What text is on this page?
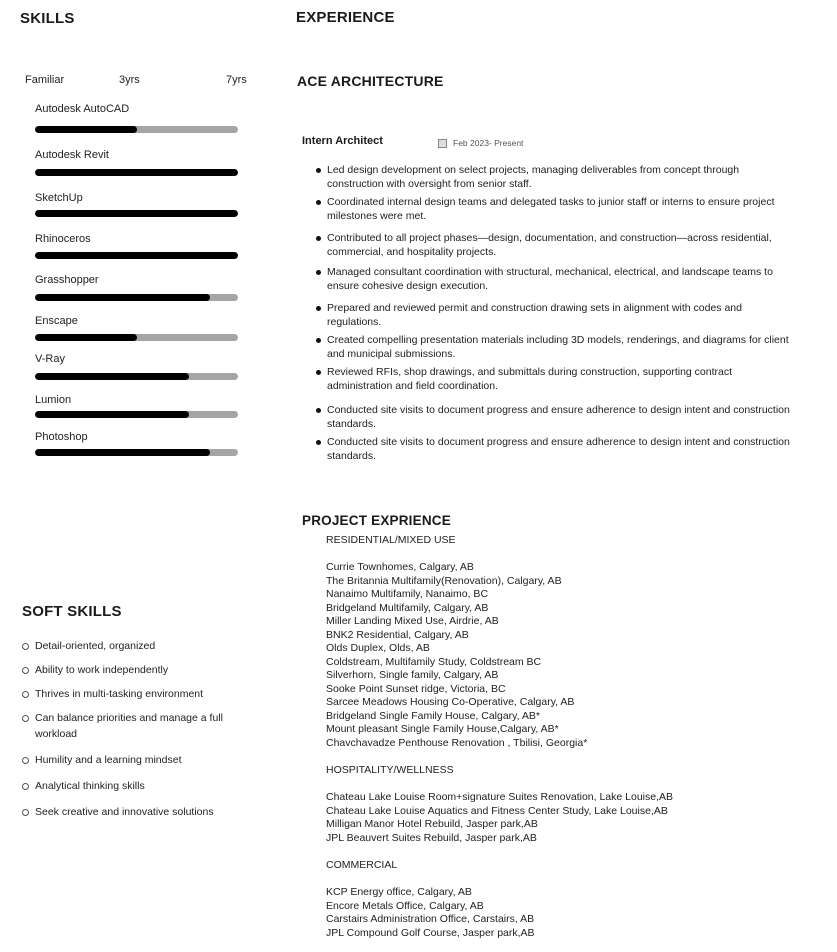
SKILLS
Familiar	3yrs	7yrs
Autodesk AutoCAD
Autodesk Revit
SketchUp
Rhinoceros
Grasshopper
Enscape
V-Ray
Lumion
Photoshop
SOFT SKILLS
Detail-oriented, organized
Ability to work independently
Thrives in multi-tasking environment
Can balance priorities and manage a full workload
Humility and a learning mindset
Analytical thinking skills
Seek creative and innovative solutions
EXPERIENCE
ACE ARCHITECTURE
Intern Architect	Feb 2023- Present
Led design development on select projects, managing deliverables from concept through construction with oversight from senior staff.
Coordinated internal design teams and delegated tasks to junior staff or interns to ensure project milestones were met.
Contributed to all project phases—design, documentation, and construction—across residential, commercial, and hospitality projects.
Managed consultant coordination with structural, mechanical, electrical, and landscape teams to ensure cohesive design execution.
Prepared and reviewed permit and construction drawing sets in alignment with codes and regulations.
Created compelling presentation materials including 3D models, renderings, and diagrams for client and municipal submissions.
Reviewed RFIs, shop drawings, and submittals during construction, supporting contract administration and field coordination.
Conducted site visits to document progress and ensure adherence to design intent and construction standards.
Conducted site visits to document progress and ensure adherence to design intent and construction standards.
PROJECT EXPRIENCE
RESIDENTIAL/MIXED USE
Currie Townhomes, Calgary, AB
The Britannia Multifamily(Renovation), Calgary, AB
Nanaimo Multifamily, Nanaimo, BC
Bridgeland Multifamily, Calgary, AB
Miller Landing Mixed Use, Airdrie, AB
BNK2 Residential, Calgary, AB
Olds Duplex, Olds, AB
Coldstream, Multifamily Study, Coldstream BC
Silverhorn, Single family, Calgary, AB
Sooke Point Sunset ridge, Victoria, BC
Sarcee Meadows Housing Co-Operative, Calgary, AB
Bridgeland Single Family House, Calgary, AB*
Mount pleasant Single Family House,Calgary, AB*
Chavchavadze Penthouse Renovation , Tbilisi, Georgia*
HOSPITALITY/WELLNESS
Chateau Lake Louise Room+signature Suites Renovation, Lake Louise,AB
Chateau Lake Louise Aquatics and Fitness Center Study, Lake Louise,AB
Milligan Manor Hotel Rebuild, Jasper park,AB
JPL Beauvert Suites Rebuild, Jasper park,AB
COMMERCIAL
KCP Energy office, Calgary, AB
Encore Metals Office, Calgary, AB
Carstairs Administration Office, Carstairs, AB
JPL Compound Golf Course, Jasper park,AB
